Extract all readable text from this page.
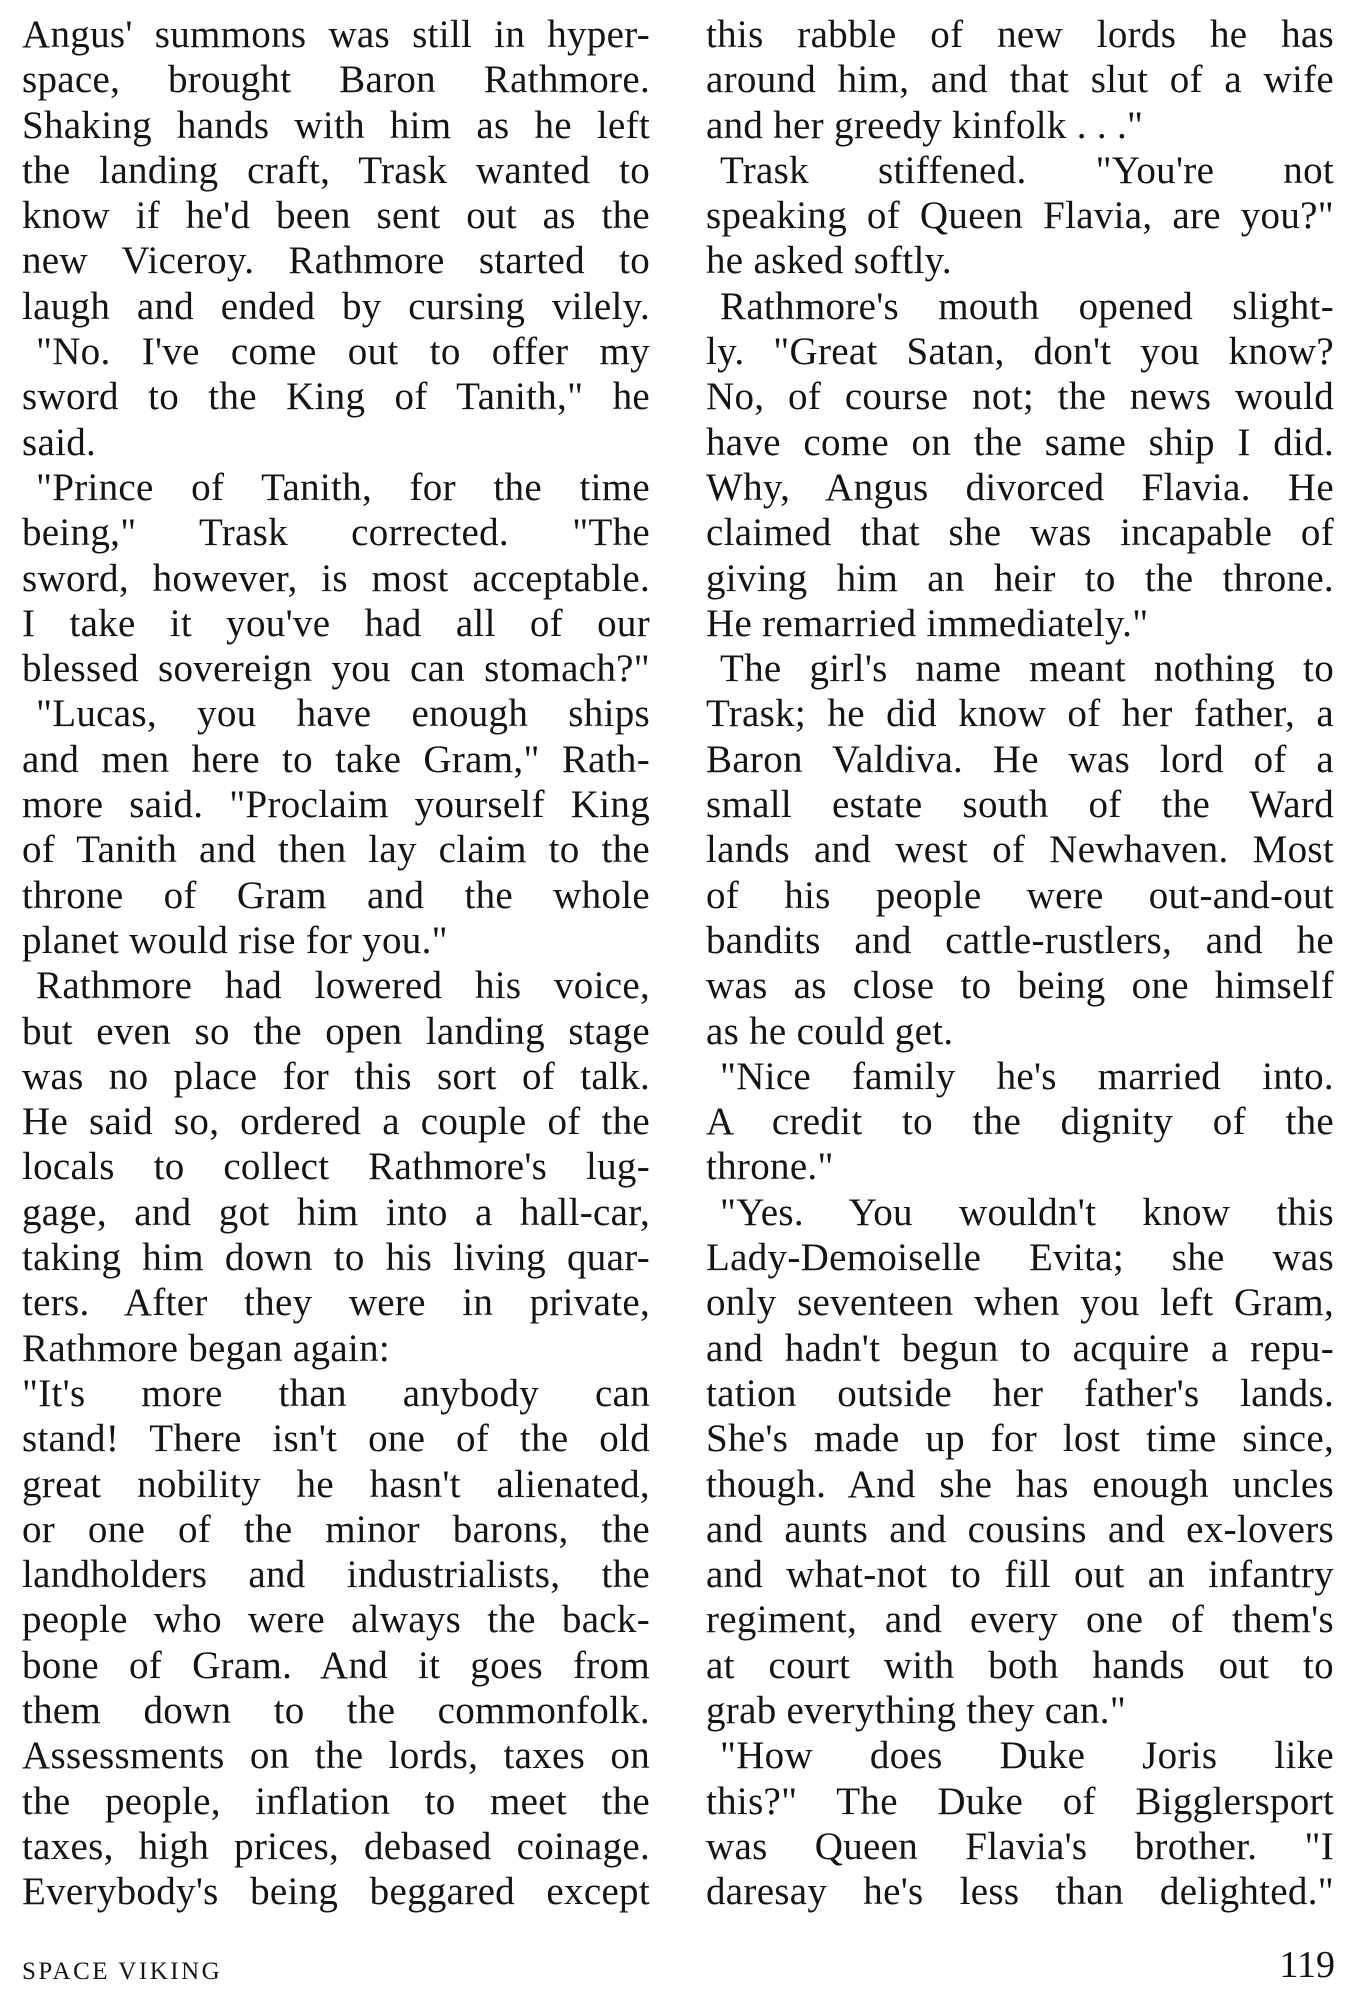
Angus' summons was still in hyper-
space, brought Baron Rathmore.
Shaking hands with him as he left
the landing craft, Trask wanted to
know if he'd been sent out as the
new Viceroy. Rathmore started to
laugh and ended by cursing vilely.
"No. I've come out to offer my
sword to the King of Tanith," he
said.
"Prince of Tanith, for the time
being," Trask corrected. "The
sword, however, is most acceptable.
I take it you've had all of our
blessed sovereign you can stomach?"
"Lucas, you have enough ships
and men here to take Gram," Rath-
more said. "Proclaim yourself King
of Tanith and then lay claim to the
throne of Gram and the whole
planet would rise for you."
Rathmore had lowered his voice,
but even so the open landing stage
was no place for this sort of talk.
He said so, ordered a couple of the
locals to collect Rathmore's lug-
gage, and got him into a hall-car,
taking him down to his living quar-
ters. After they were in private,
Rathmore began again:
"It's more than anybody can
stand! There isn't one of the old
great nobility he hasn't alienated,
or one of the minor barons, the
landholders and industrialists, the
people who were always the back-
bone of Gram. And it goes from
them down to the commonfolk.
Assessments on the lords, taxes on
the people, inflation to meet the
taxes, high prices, debased coinage.
Everybody's being beggared except
this rabble of new lords he has
around him, and that slut of a wife
and her greedy kinfolk . . ."
Trask stiffened. "You're not
speaking of Queen Flavia, are you?"
he asked softly.
Rathmore's mouth opened slight-
ly. "Great Satan, don't you know?
No, of course not; the news would
have come on the same ship I did.
Why, Angus divorced Flavia. He
claimed that she was incapable of
giving him an heir to the throne.
He remarried immediately."
The girl's name meant nothing to
Trask; he did know of her father, a
Baron Valdiva. He was lord of a
small estate south of the Ward
lands and west of Newhaven. Most
of his people were out-and-out
bandits and cattle-rustlers, and he
was as close to being one himself
as he could get.
"Nice family he's married into.
A credit to the dignity of the
throne."
"Yes. You wouldn't know this
Lady-Demoiselle Evita; she was
only seventeen when you left Gram,
and hadn't begun to acquire a repu-
tation outside her father's lands.
She's made up for lost time since,
though. And she has enough uncles
and aunts and cousins and ex-lovers
and what-not to fill out an infantry
regiment, and every one of them's
at court with both hands out to
grab everything they can."
"How does Duke Joris like
this?" The Duke of Bigglersport
was Queen Flavia's brother. "I
daresay he's less than delighted."
SPACE VIKING	119
